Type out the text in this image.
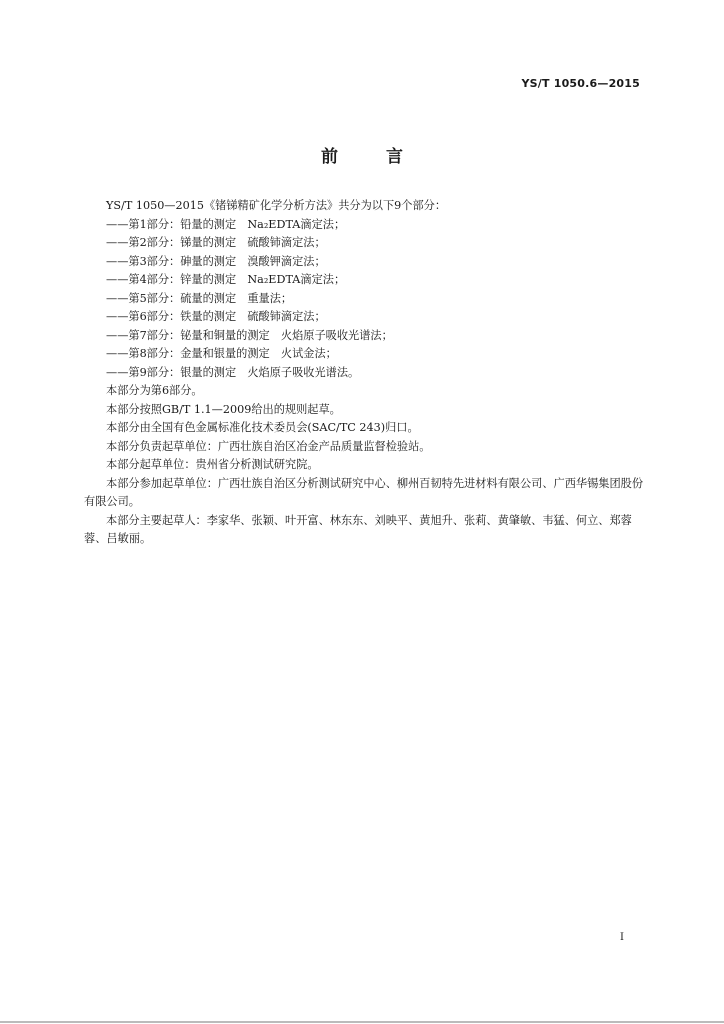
YS/T 1050.6—2015
前	言

YS/T 1050—2015《锗锑精矿化学分析方法》共分为以下9个部分：

——第1部分：铅量的测定　Na₂EDTA滴定法；

——第2部分：锑量的测定　硫酸铈滴定法；

——第3部分：砷量的测定　溴酸钾滴定法；

——第4部分：锌量的测定　Na₂EDTA滴定法；

——第5部分：硫量的测定　重量法；

——第6部分：铁量的测定　硫酸铈滴定法；

——第7部分：铋量和铜量的测定　火焰原子吸收光谱法；

——第8部分：金量和银量的测定　火试金法；

——第9部分：银量的测定　火焰原子吸收光谱法。

本部分为第6部分。

本部分按照GB/T 1.1—2009给出的规则起草。

本部分由全国有色金属标准化技术委员会(SAC/TC 243)归口。

本部分负责起草单位：广西壮族自治区冶金产品质量监督检验站。

本部分起草单位：贵州省分析测试研究院。

本部分参加起草单位：广西壮族自治区分析测试研究中心、柳州百韧特先进材料有限公司、广西华锡集团股份有限公司。

本部分主要起草人：李家华、张颖、叶开富、林东东、刘映平、黄旭升、张莉、黄肇敏、韦猛、何立、郑蓉蓉、吕敏丽。

I
